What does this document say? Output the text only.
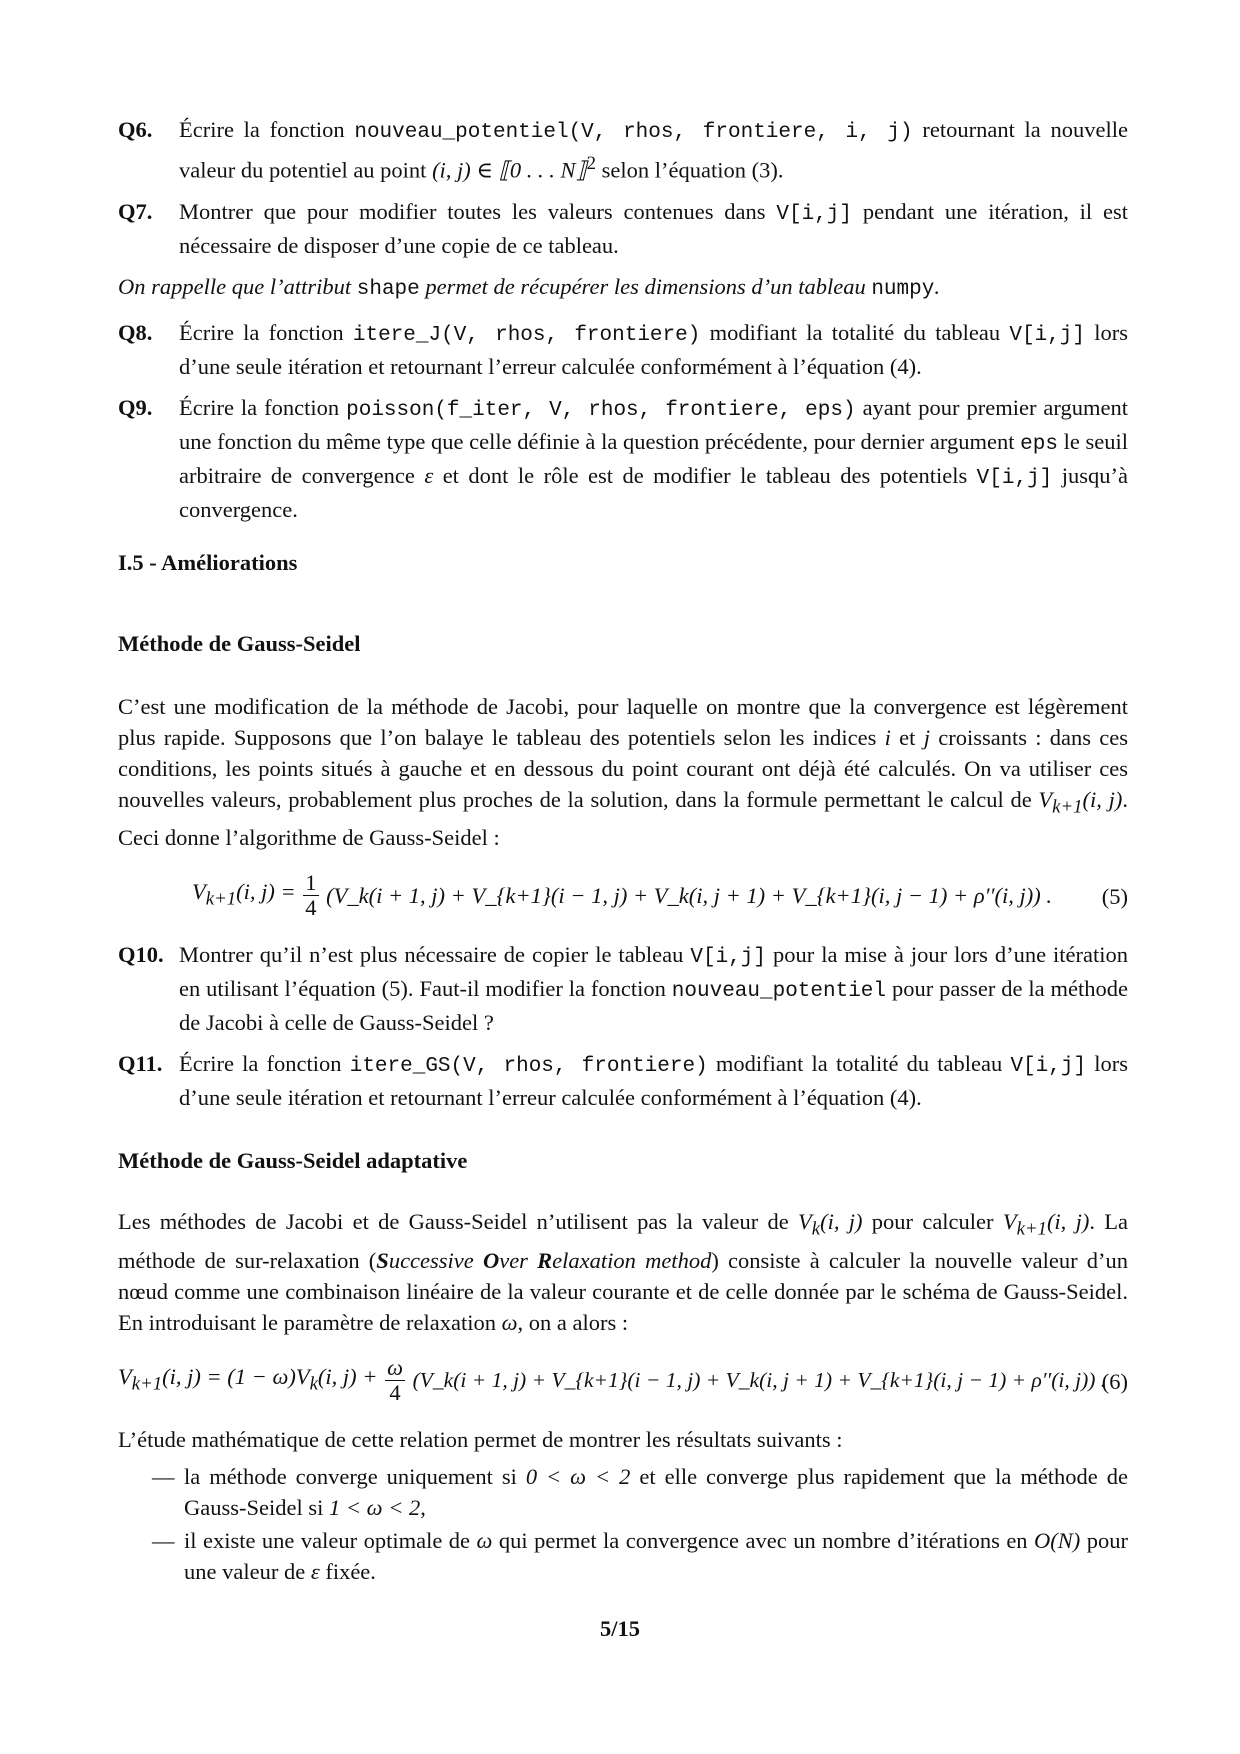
Q6.	Écrire la fonction nouveau_potentiel(V, rhos, frontiere, i, j) retournant la nouvelle valeur du potentiel au point (i, j) ∈ ⟦0 . . . N⟧$^2$ selon l’équation (3).
Q7.	Montrer que pour modifier toutes les valeurs contenues dans V[i,j] pendant une itération, il est nécessaire de disposer d’une copie de ce tableau.
On rappelle que l’attribut shape permet de récupérer les dimensions d’un tableau numpy.
Q8.	Écrire la fonction itere_J(V, rhos, frontiere) modifiant la totalité du tableau V[i,j] lors d’une seule itération et retournant l’erreur calculée conformément à l’équation (4).
Q9.	Écrire la fonction poisson(f_iter, V, rhos, frontiere, eps) ayant pour premier argument une fonction du même type que celle définie à la question précédente, pour dernier argument eps le seuil arbitraire de convergence ε et dont le rôle est de modifier le tableau des potentiels V[i,j] jusqu’à convergence.
I.5 - Améliorations
Méthode de Gauss-Seidel
C’est une modification de la méthode de Jacobi, pour laquelle on montre que la convergence est légèrement plus rapide. Supposons que l’on balaye le tableau des potentiels selon les indices i et j croissants : dans ces conditions, les points situés à gauche et en dessous du point courant ont déjà été calculés. On va utiliser ces nouvelles valeurs, probablement plus proches de la solution, dans la formule permettant le calcul de $V_{k+1}(i$, j). Ceci donne l’algorithme de Gauss-Seidel :
$V_{k+1}(i$, $j) = \frac{1}{4}$ (V_k(i + 1, j) + V_{k+1}(i − 1, j) + V_k(i, j + 1) + V_{k+1}(i, j − 1) + ρ′′(i, j)) . (5)
Q10. Montrer qu’il n’est plus nécessaire de copier le tableau V[i,j] pour la mise à jour lors d’une itération en utilisant l’équation (5). Faut-il modifier la fonction nouveau_potentiel pour passer de la méthode de Jacobi à celle de Gauss-Seidel ?
Q11. Écrire la fonction itere_GS(V, rhos, frontiere) modifiant la totalité du tableau V[i,j] lors d’une seule itération et retournant l’erreur calculée conformément à l’équation (4).
Méthode de Gauss-Seidel adaptative
Les méthodes de Jacobi et de Gauss-Seidel n’utilisent pas la valeur de $V_k(i$, j) pour calculer $V_{k+1}(i$, j). La méthode de sur-relaxation (Successive Over Relaxation method) consiste à calculer la nouvelle valeur d’un nœud comme une combinaison linéaire de la valeur courante et de celle donnée par le schéma de Gauss-Seidel. En introduisant le paramètre de relaxation ω, on a alors :
$V_{k+1}(i$, $j) = (1 - \omega)V_k(i$, $j) + \frac{\omega}{4}$ (V_k(i + 1, j) + V_{k+1}(i − 1, j) + V_k(i, j + 1) + V_{k+1}(i, j − 1) + ρ′′(i, j)) .
(6)
L’étude mathématique de cette relation permet de montrer les résultats suivants :
— la méthode converge uniquement si 0 < ω < 2 et elle converge plus rapidement que la méthode de Gauss-Seidel si 1 < ω < 2,
— il existe une valeur optimale de ω qui permet la convergence avec un nombre d’itérations en O(N) pour une valeur de ε fixée.
5/15
